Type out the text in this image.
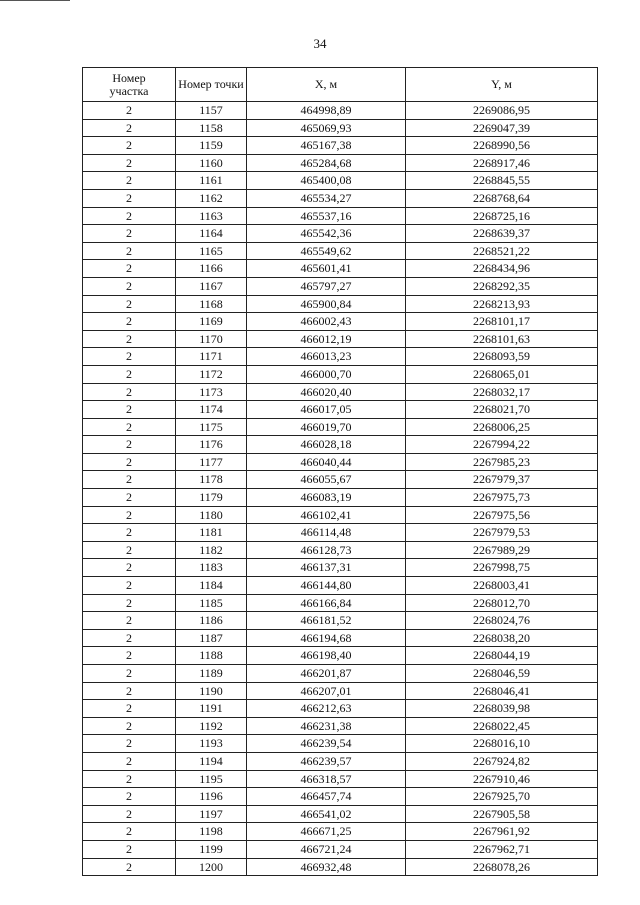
34
Номер
участка	Номер точки	X, м	Y, м
2	1157	464998,89	2269086,95
2	1158	465069,93	2269047,39
2	1159	465167,38	2268990,56
2	1160	465284,68	2268917,46
2	1161	465400,08	2268845,55
2	1162	465534,27	2268768,64
2	1163	465537,16	2268725,16
2	1164	465542,36	2268639,37
2	1165	465549,62	2268521,22
2	1166	465601,41	2268434,96
2	1167	465797,27	2268292,35
2	1168	465900,84	2268213,93
2	1169	466002,43	2268101,17
2	1170	466012,19	2268101,63
2	1171	466013,23	2268093,59
2	1172	466000,70	2268065,01
2	1173	466020,40	2268032,17
2	1174	466017,05	2268021,70
2	1175	466019,70	2268006,25
2	1176	466028,18	2267994,22
2	1177	466040,44	2267985,23
2	1178	466055,67	2267979,37
2	1179	466083,19	2267975,73
2	1180	466102,41	2267975,56
2	1181	466114,48	2267979,53
2	1182	466128,73	2267989,29
2	1183	466137,31	2267998,75
2	1184	466144,80	2268003,41
2	1185	466166,84	2268012,70
2	1186	466181,52	2268024,76
2	1187	466194,68	2268038,20
2	1188	466198,40	2268044,19
2	1189	466201,87	2268046,59
2	1190	466207,01	2268046,41
2	1191	466212,63	2268039,98
2	1192	466231,38	2268022,45
2	1193	466239,54	2268016,10
2	1194	466239,57	2267924,82
2	1195	466318,57	2267910,46
2	1196	466457,74	2267925,70
2	1197	466541,02	2267905,58
2	1198	466671,25	2267961,92
2	1199	466721,24	2267962,71
2	1200	466932,48	2268078,26
